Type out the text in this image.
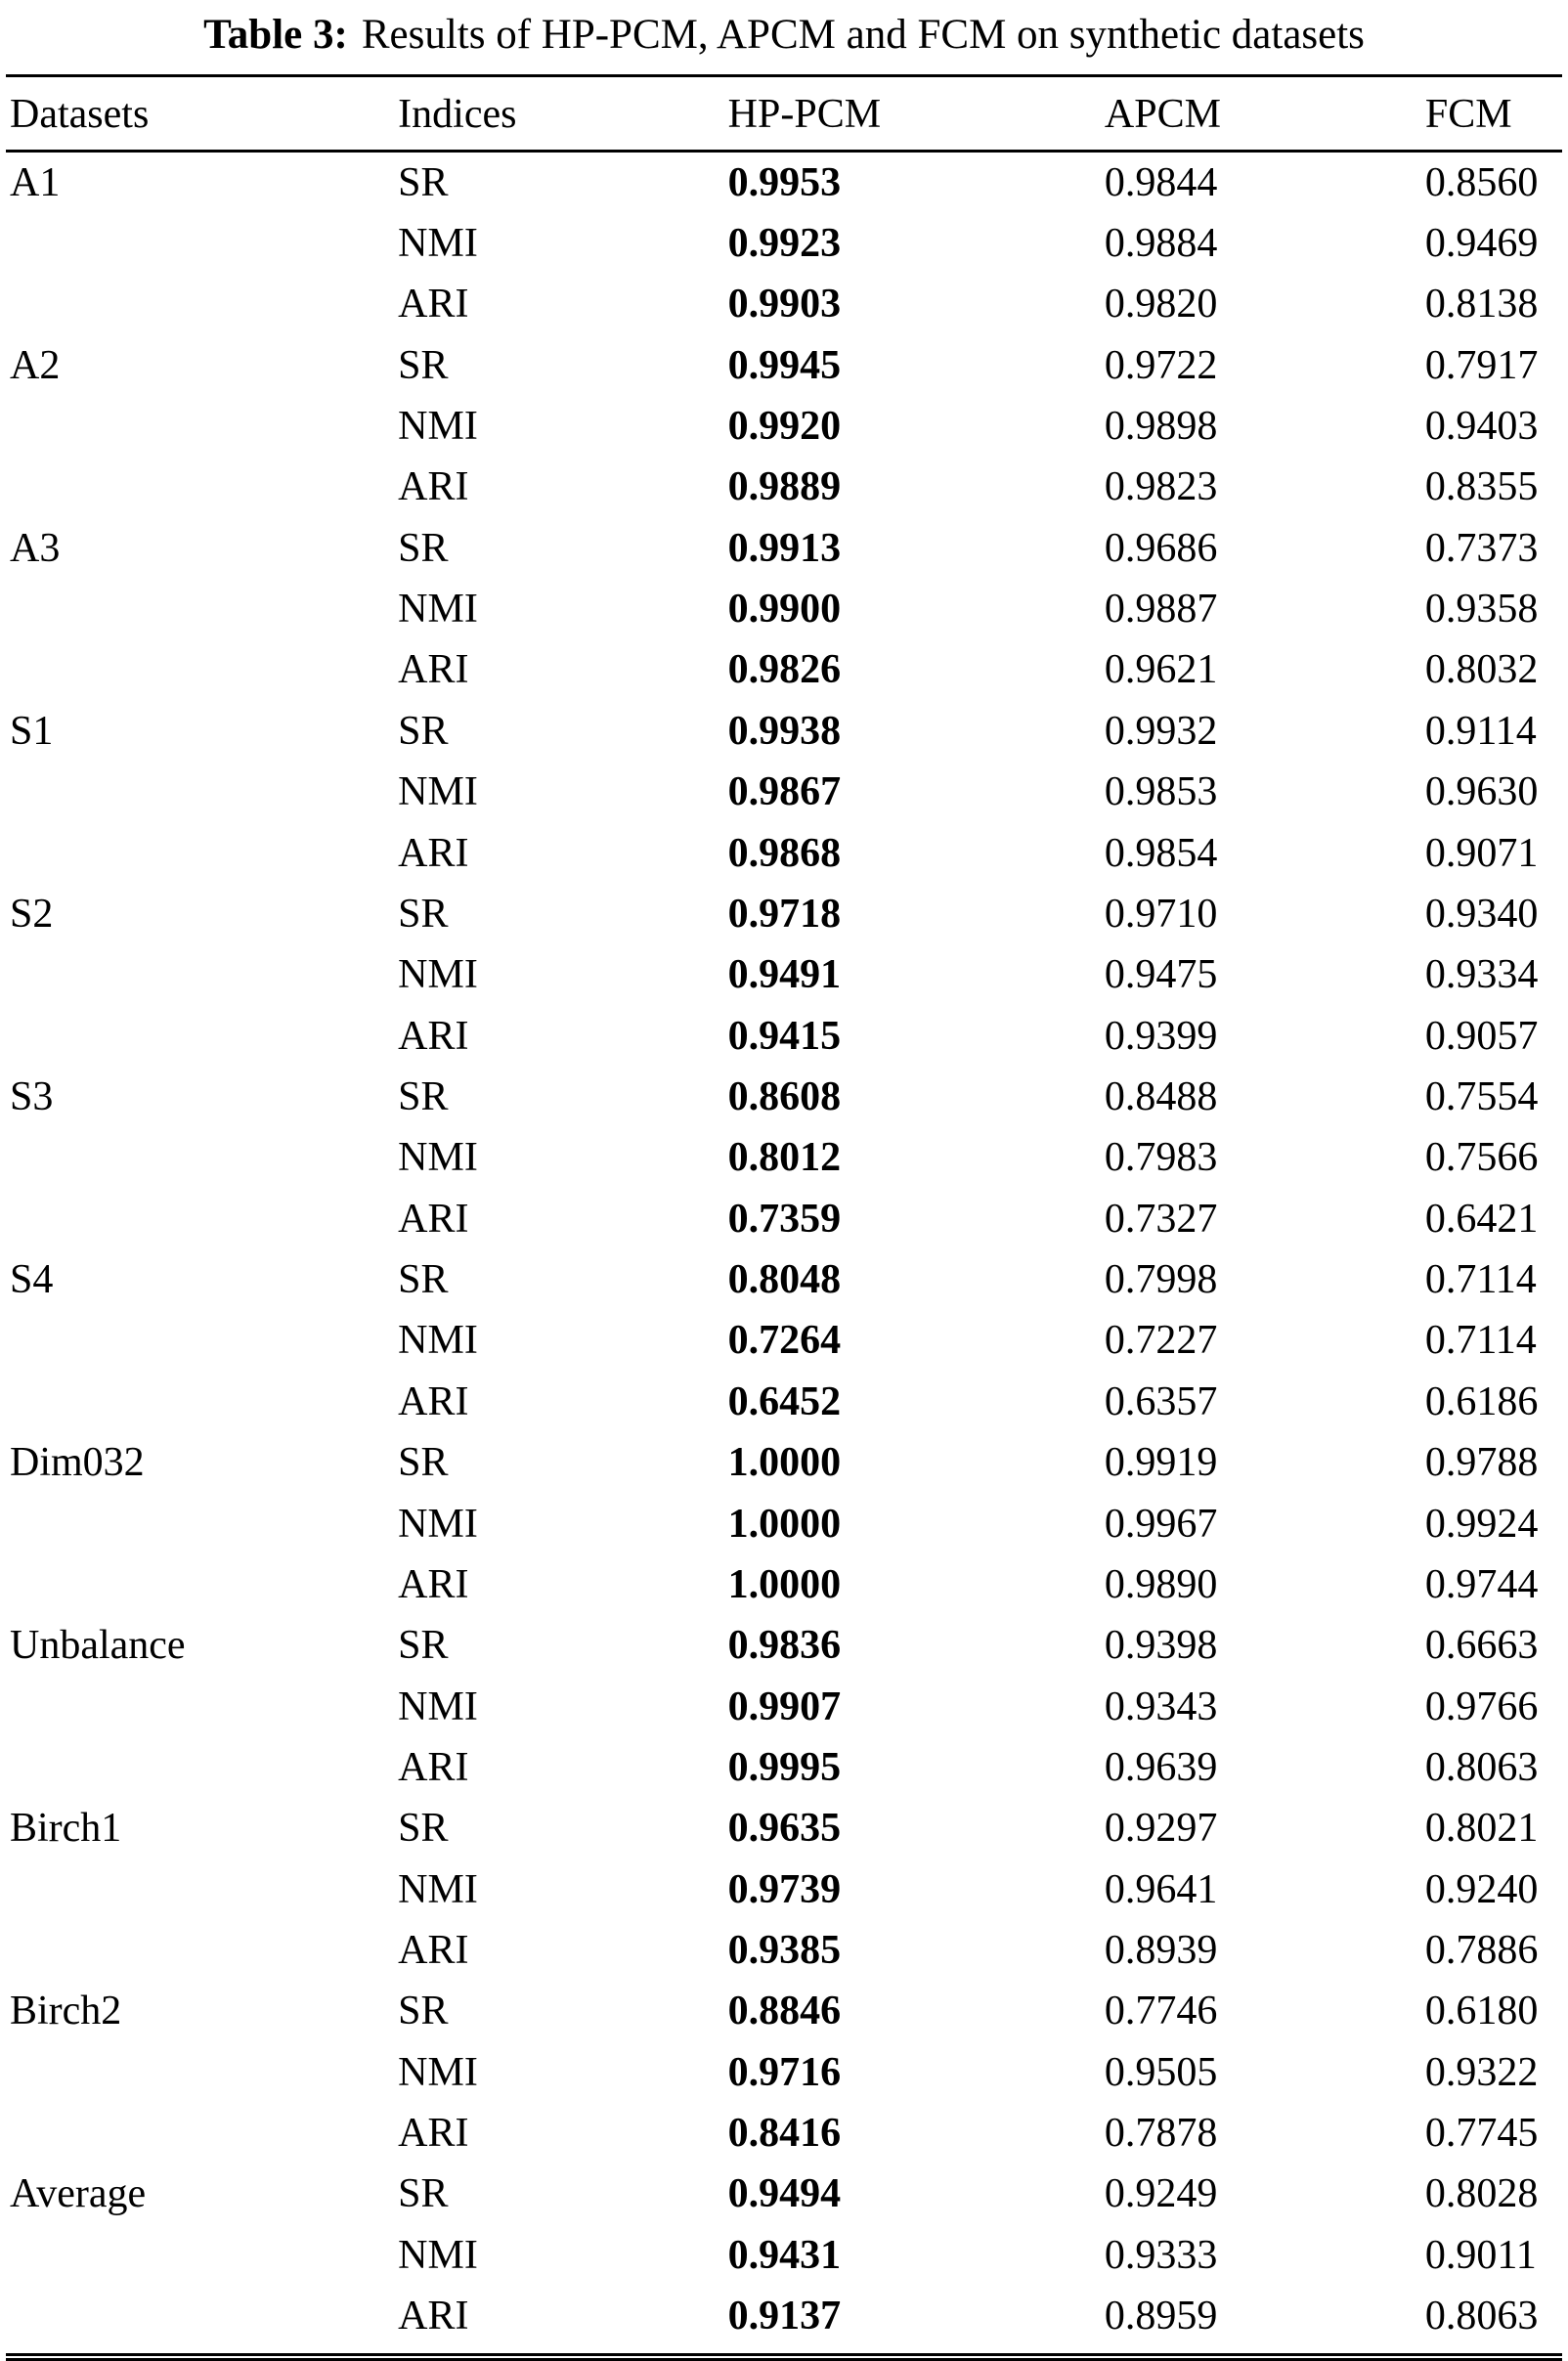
Table 3: Results of HP-PCM, APCM and FCM on synthetic datasets
Datasets	Indices	HP-PCM	APCM	FCM
A1	SR	0.9953	0.9844	0.8560
	NMI	0.9923	0.9884	0.9469
	ARI	0.9903	0.9820	0.8138
A2	SR	0.9945	0.9722	0.7917
	NMI	0.9920	0.9898	0.9403
	ARI	0.9889	0.9823	0.8355
A3	SR	0.9913	0.9686	0.7373
	NMI	0.9900	0.9887	0.9358
	ARI	0.9826	0.9621	0.8032
S1	SR	0.9938	0.9932	0.9114
	NMI	0.9867	0.9853	0.9630
	ARI	0.9868	0.9854	0.9071
S2	SR	0.9718	0.9710	0.9340
	NMI	0.9491	0.9475	0.9334
	ARI	0.9415	0.9399	0.9057
S3	SR	0.8608	0.8488	0.7554
	NMI	0.8012	0.7983	0.7566
	ARI	0.7359	0.7327	0.6421
S4	SR	0.8048	0.7998	0.7114
	NMI	0.7264	0.7227	0.7114
	ARI	0.6452	0.6357	0.6186
Dim032	SR	1.0000	0.9919	0.9788
	NMI	1.0000	0.9967	0.9924
	ARI	1.0000	0.9890	0.9744
Unbalance	SR	0.9836	0.9398	0.6663
	NMI	0.9907	0.9343	0.9766
	ARI	0.9995	0.9639	0.8063
Birch1	SR	0.9635	0.9297	0.8021
	NMI	0.9739	0.9641	0.9240
	ARI	0.9385	0.8939	0.7886
Birch2	SR	0.8846	0.7746	0.6180
	NMI	0.9716	0.9505	0.9322
	ARI	0.8416	0.7878	0.7745
Average	SR	0.9494	0.9249	0.8028
	NMI	0.9431	0.9333	0.9011
	ARI	0.9137	0.8959	0.8063
